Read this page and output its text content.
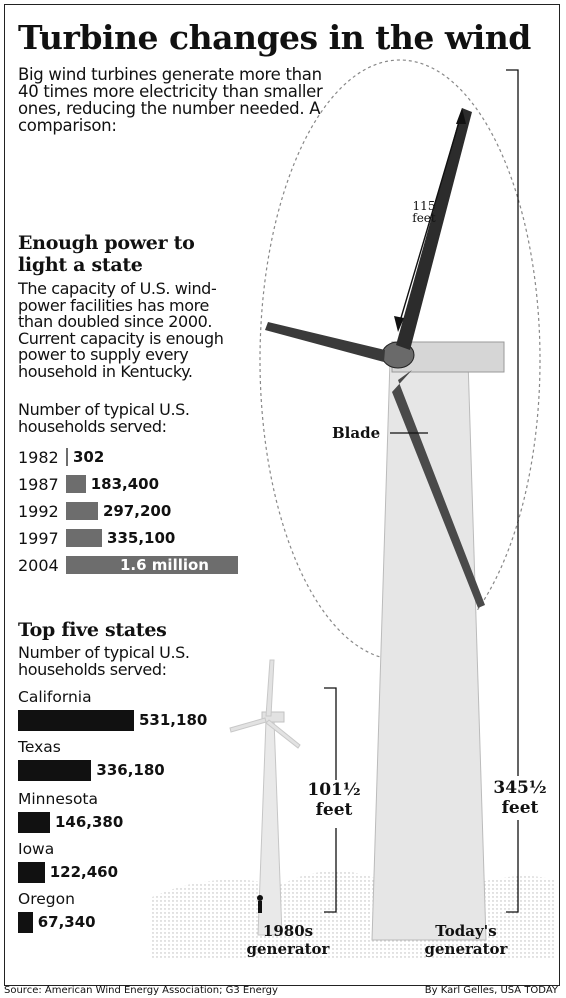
Turbine changes in the wind
Big wind turbines generate more than 40 times more electricity than smaller ones, reducing the number needed. A comparison:
Enough power to light a state
The capacity of U.S. wind-power facilities has more than doubled since 2000. Current capacity is enough power to supply every household in Kentucky.
Number of typical U.S. households served:
1982 302
1987	183,400
1992	297,200
1997	335,100
2004	1.6 million
Top five states
Number of typical U.S. households served:
California
531,180
Texas
336,180
Minnesota
146,380
Iowa
122,460
Oregon
67,340
115 feet
Blade
101½
feet
345½
feet
1980s generator
Today's generator
Source: American Wind Energy Association; G3 Energy	By Karl Gelles, USA TODAY
